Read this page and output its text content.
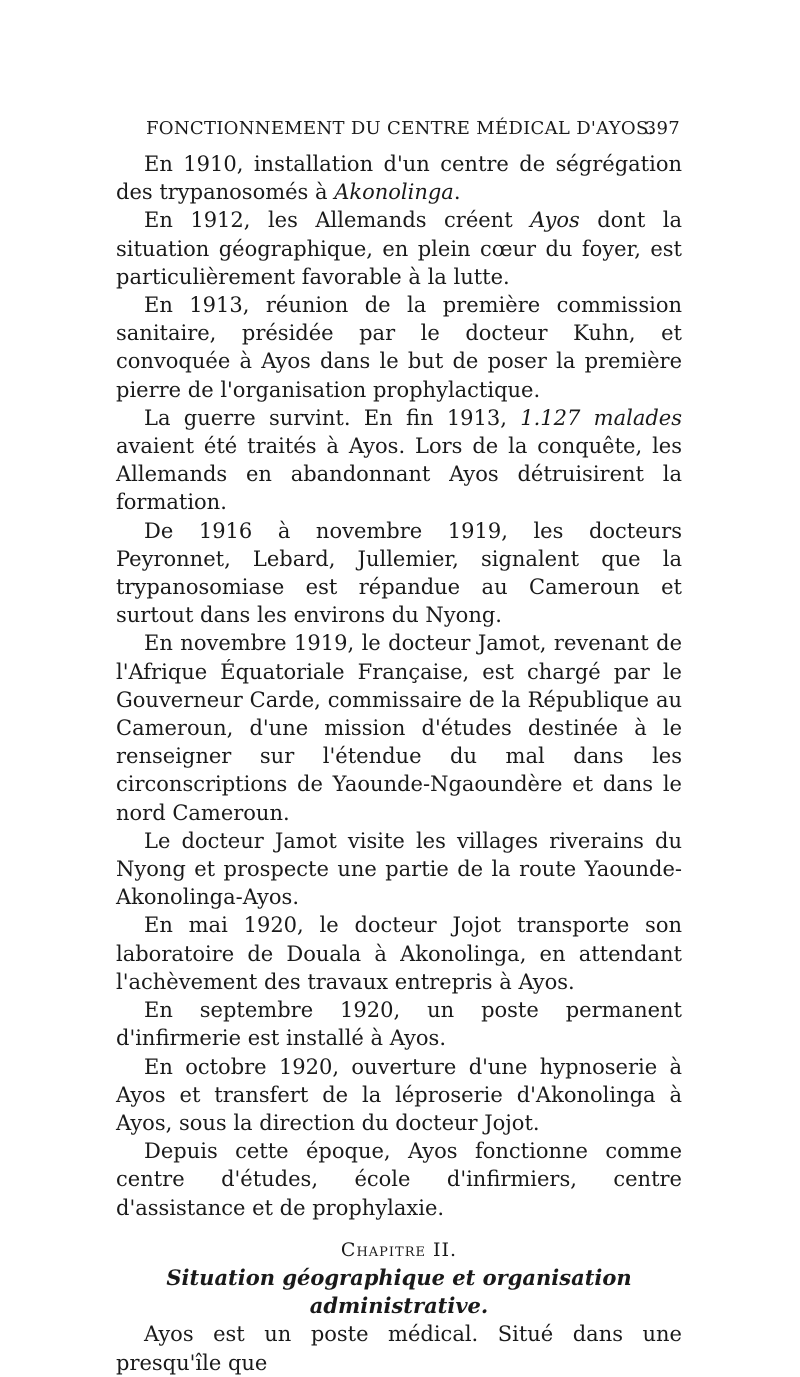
FONCTIONNEMENT DU CENTRE MÉDICAL D'AYOS.
397

En 1910, installation d'un centre de ségrégation des trypanosomés à Akonolinga.

En 1912, les Allemands créent Ayos dont la situation géographique, en plein cœur du foyer, est particulièrement favorable à la lutte.

En 1913, réunion de la première commission sanitaire, présidée par le docteur Kuhn, et convoquée à Ayos dans le but de poser la première pierre de l'organisation prophylactique.

La guerre survint. En fin 1913, 1.127 malades avaient été traités à Ayos. Lors de la conquête, les Allemands en abandonnant Ayos détruisirent la formation.

De 1916 à novembre 1919, les docteurs Peyronnet, Lebard, Jullemier, signalent que la trypanosomiase est répandue au Cameroun et surtout dans les environs du Nyong.

En novembre 1919, le docteur Jamot, revenant de l'Afrique Équatoriale Française, est chargé par le Gouverneur Carde, commissaire de la République au Cameroun, d'une mission d'études destinée à le renseigner sur l'étendue du mal dans les circonscriptions de Yaounde-Ngaoundère et dans le nord Cameroun.

Le docteur Jamot visite les villages riverains du Nyong et prospecte une partie de la route Yaounde-Akonolinga-Ayos.

En mai 1920, le docteur Jojot transporte son laboratoire de Douala à Akonolinga, en attendant l'achèvement des travaux entrepris à Ayos.

En septembre 1920, un poste permanent d'infirmerie est installé à Ayos.

En octobre 1920, ouverture d'une hypnoserie à Ayos et transfert de la léproserie d'Akonolinga à Ayos, sous la direction du docteur Jojot.

Depuis cette époque, Ayos fonctionne comme centre d'études, école d'infirmiers, centre d'assistance et de prophylaxie.

Chapitre II.

Situation géographique et organisation administrative.

Ayos est un poste médical. Situé dans une presqu'île que
